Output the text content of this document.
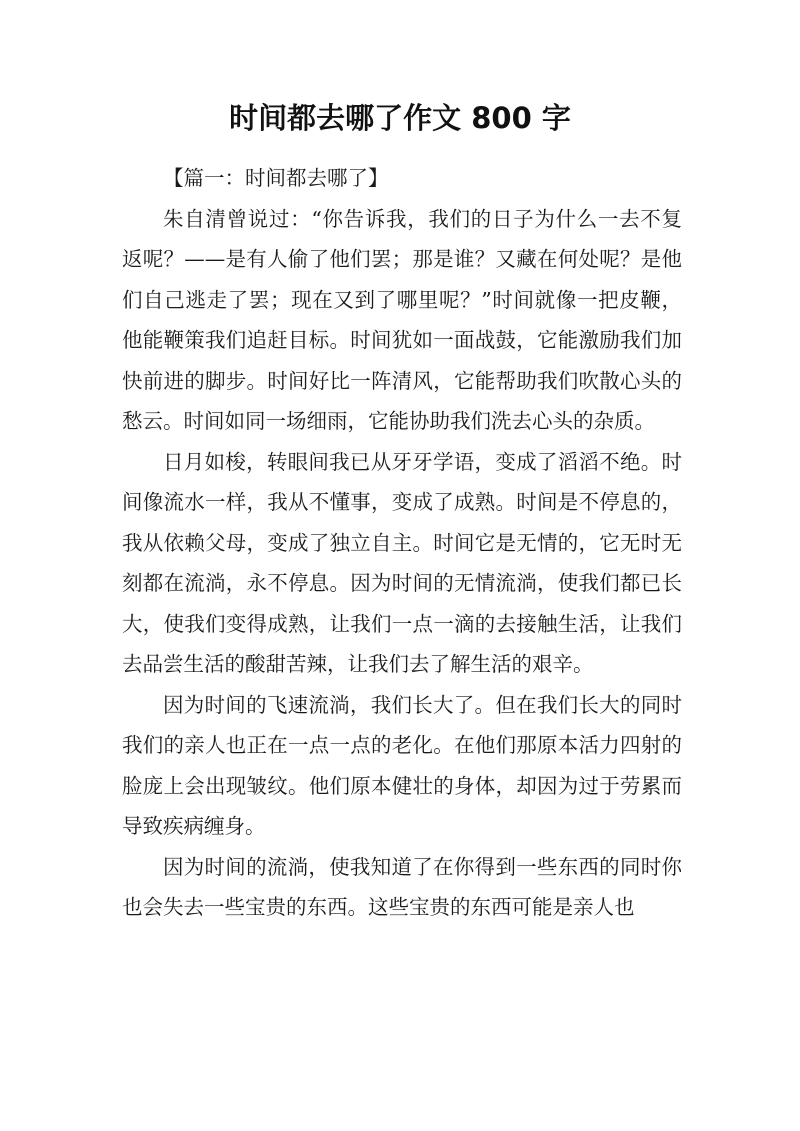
时间都去哪了作文 800 字

【篇一：时间都去哪了】

朱自清曾说过：“你告诉我，我们的日子为什么一去不复返呢？——是有人偷了他们罢；那是谁？又藏在何处呢？是他们自己逃走了罢；现在又到了哪里呢？”时间就像一把皮鞭，他能鞭策我们追赶目标。时间犹如一面战鼓，它能激励我们加快前进的脚步。时间好比一阵清风，它能帮助我们吹散心头的愁云。时间如同一场细雨，它能协助我们洗去心头的杂质。

日月如梭，转眼间我已从牙牙学语，变成了滔滔不绝。时间像流水一样，我从不懂事，变成了成熟。时间是不停息的，我从依赖父母，变成了独立自主。时间它是无情的，它无时无刻都在流淌，永不停息。因为时间的无情流淌，使我们都已长大，使我们变得成熟，让我们一点一滴的去接触生活，让我们去品尝生活的酸甜苦辣，让我们去了解生活的艰辛。

因为时间的飞速流淌，我们长大了。但在我们长大的同时我们的亲人也正在一点一点的老化。在他们那原本活力四射的脸庞上会出现皱纹。他们原本健壮的身体，却因为过于劳累而导致疾病缠身。

因为时间的流淌，使我知道了在你得到一些东西的同时你也会失去一些宝贵的东西。这些宝贵的东西可能是亲人也
